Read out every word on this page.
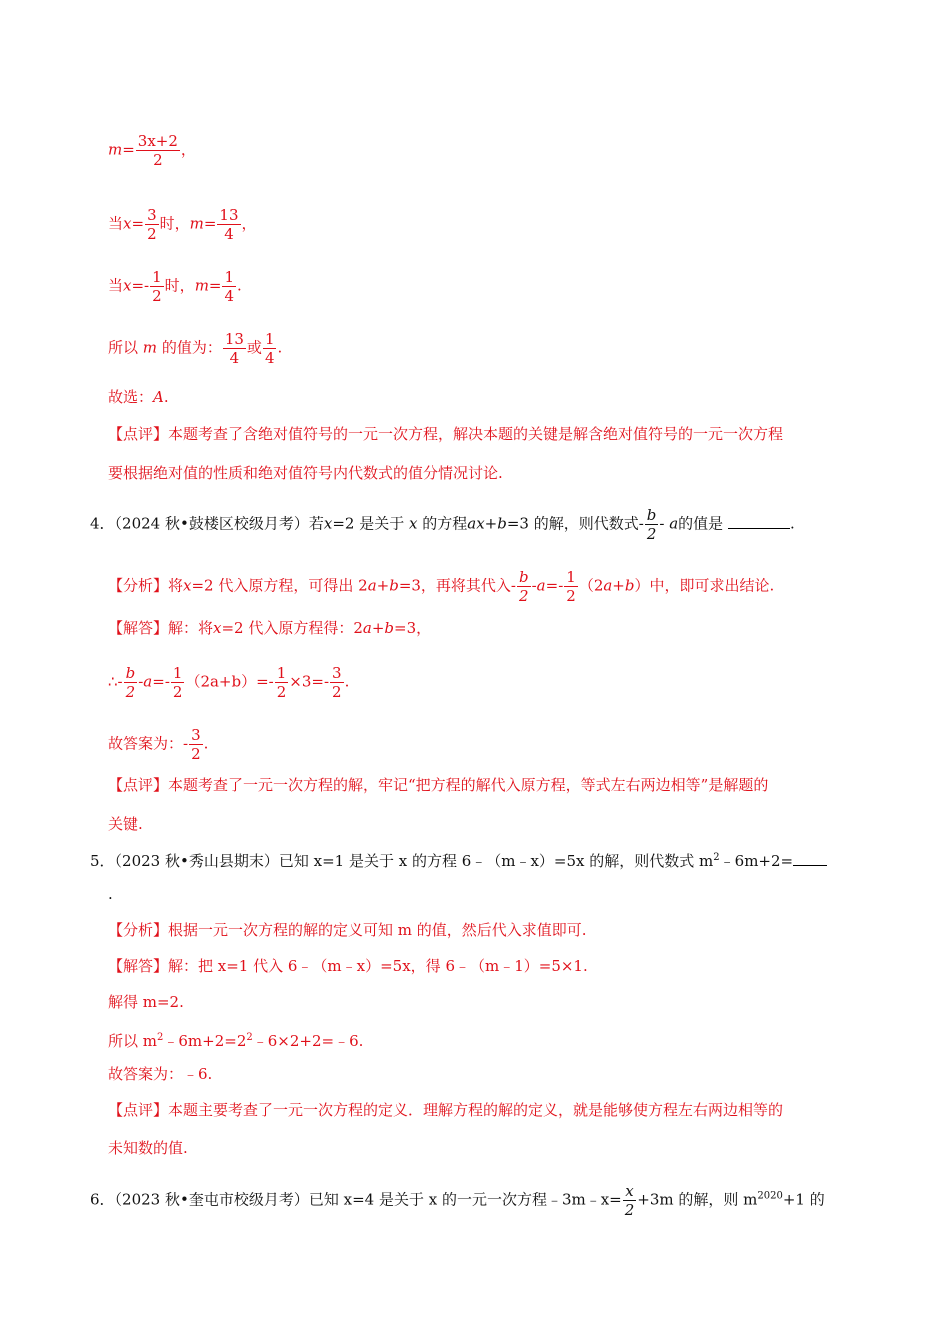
$m= \frac{3x+2}{2}$ ，
当$x= \frac{3}{2}$ 时，$m= \frac{13}{4}$ ，
当$x=- \frac{1}{2}$ 时，$m= \frac{1}{4}$ .
所以 m 的值为： $\frac{13}{4}$ 或 $\frac{1}{4}$ .
故选：A.
【点评】本题考查了含绝对值符号的一元一次方程，解决本题的关键是解含绝对值符号的一元一次方程
要根据绝对值的性质和绝对值符号内代数式的值分情况讨论.
4．（2024 秋•鼓楼区校级月考）若x=2 是关于 x 的方程ax+b=3 的解，则代数式- $\frac{b}{2}$ - a的值是	.
【分析】将x=2 代入原方程，可得出 2a+b=3，再将其代入- $\frac{b}{2} -a=- \frac{1}{2} (2a+b)$中，即可求出结论.
【解答】解：将x=2 代入原方程得：2a+b=3，
∴- $\frac{b}{2} -a=- \frac{1}{2} (2a+b)=- \frac{1}{2} \times 3=- \frac{3}{2}$ .
故答案为：- $\frac{3}{2}$ .
【点评】本题考查了一元一次方程的解，牢记“把方程的解代入原方程，等式左右两边相等”是解题的
关键.
5．（2023 秋•秀山县期末）已知 x=1 是关于 x 的方程 6﹣（m﹣x）=5x 的解，则代数式 $m^2﹣6m+2=$
.
【分析】根据一元一次方程的解的定义可知 m 的值，然后代入求值即可.
【解答】解：把 x=1 代入 6﹣（m﹣x）=5x，得 6﹣（m﹣1）=5×1.
解得 m=2.
所以 $m^2﹣6m+2=2^2﹣6\times 2+2=﹣6$.
故答案为：﹣6.
【点评】本题主要考查了一元一次方程的定义．理解方程的解的定义，就是能够使方程左右两边相等的
未知数的值.
6．（2023 秋•奎屯市校级月考）已知 x=4 是关于 x 的一元一次方程﹣3m﹣x= $\frac{x}{2} +3m$ 的解，则 $m^{2020}+1$ 的
